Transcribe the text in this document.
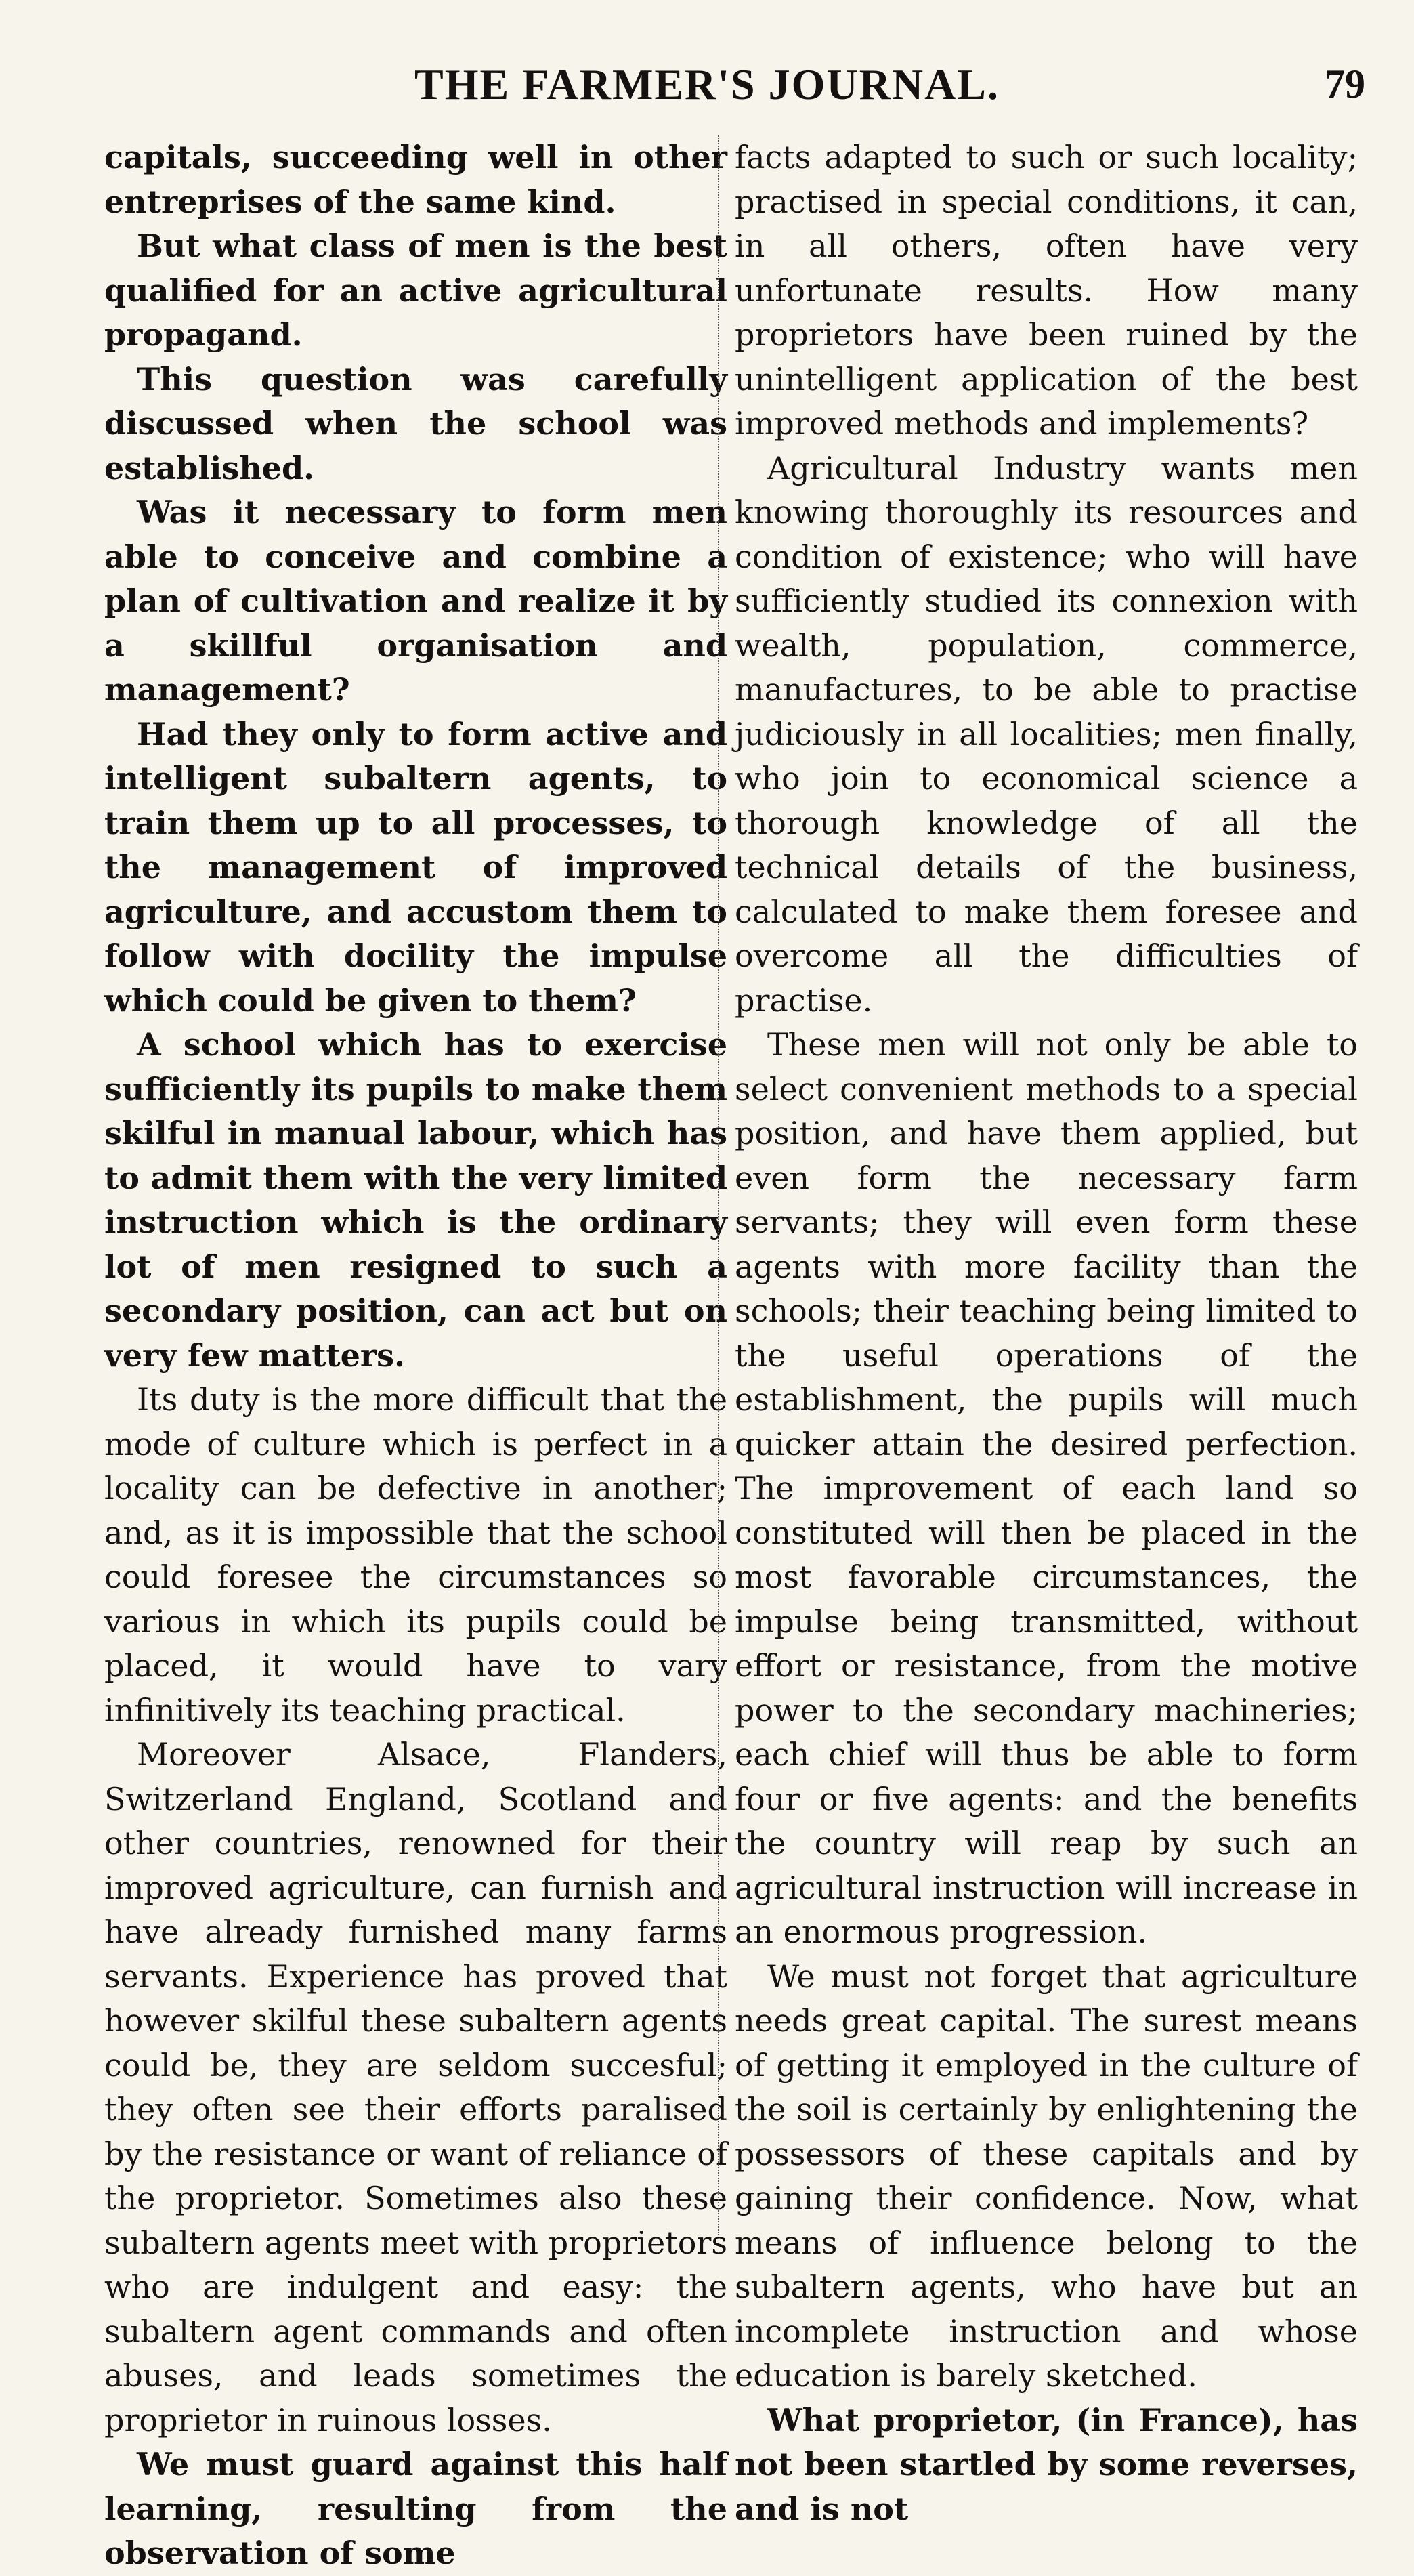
THE FARMER'S JOURNAL.	79

capitals, succeeding well in other entreprises of the same kind.

But what class of men is the best qualified for an active agricultural propagand.

This question was carefully discussed when the school was established.

Was it necessary to form men able to conceive and combine a plan of cultivation and realize it by a skillful organisation and management?

Had they only to form active and intelligent subaltern agents, to train them up to all processes, to the management of improved agriculture, and accustom them to follow with docility the impulse which could be given to them?

A school which has to exercise sufficiently its pupils to make them skilful in manual labour, which has to admit them with the very limited instruction which is the ordinary lot of men resigned to such a secondary position, can act but on very few matters.

Its duty is the more difficult that the mode of culture which is perfect in a locality can be defective in another; and, as it is impossible that the school could foresee the circumstances so various in which its pupils could be placed, it would have to vary infinitively its teaching practical.

Moreover Alsace, Flanders, Switzerland England, Scotland and other countries, renowned for their improved agriculture, can furnish and have already furnished many farms servants. Experience has proved that however skilful these subaltern agents could be, they are seldom succesful; they often see their efforts paralised by the resistance or want of reliance of the proprietor. Sometimes also these subaltern agents meet with proprietors who are indulgent and easy: the subaltern agent commands and often abuses, and leads sometimes the proprietor in ruinous losses.

We must guard against this half learning, resulting from the observation of some

facts adapted to such or such locality; practised in special conditions, it can, in all others, often have very unfortunate results. How many proprietors have been ruined by the unintelligent application of the best improved methods and implements?

Agricultural Industry wants men knowing thoroughly its resources and condition of existence; who will have sufficiently studied its connexion with wealth, population, commerce, manufactures, to be able to practise judiciously in all localities; men finally, who join to economical science a thorough knowledge of all the technical details of the business, calculated to make them foresee and overcome all the difficulties of practise.

These men will not only be able to select convenient methods to a special position, and have them applied, but even form the necessary farm servants; they will even form these agents with more facility than the schools; their teaching being limited to the useful operations of the establishment, the pupils will much quicker attain the desired perfection. The improvement of each land so constituted will then be placed in the most favorable circumstances, the impulse being transmitted, without effort or resistance, from the motive power to the secondary machineries; each chief will thus be able to form four or five agents: and the benefits the country will reap by such an agricultural instruction will increase in an enormous progression.

We must not forget that agriculture needs great capital. The surest means of getting it employed in the culture of the soil is certainly by enlightening the possessors of these capitals and by gaining their confidence. Now, what means of influence belong to the subaltern agents, who have but an incomplete instruction and whose education is barely sketched.

What proprietor, (in France), has not been startled by some reverses, and is not
